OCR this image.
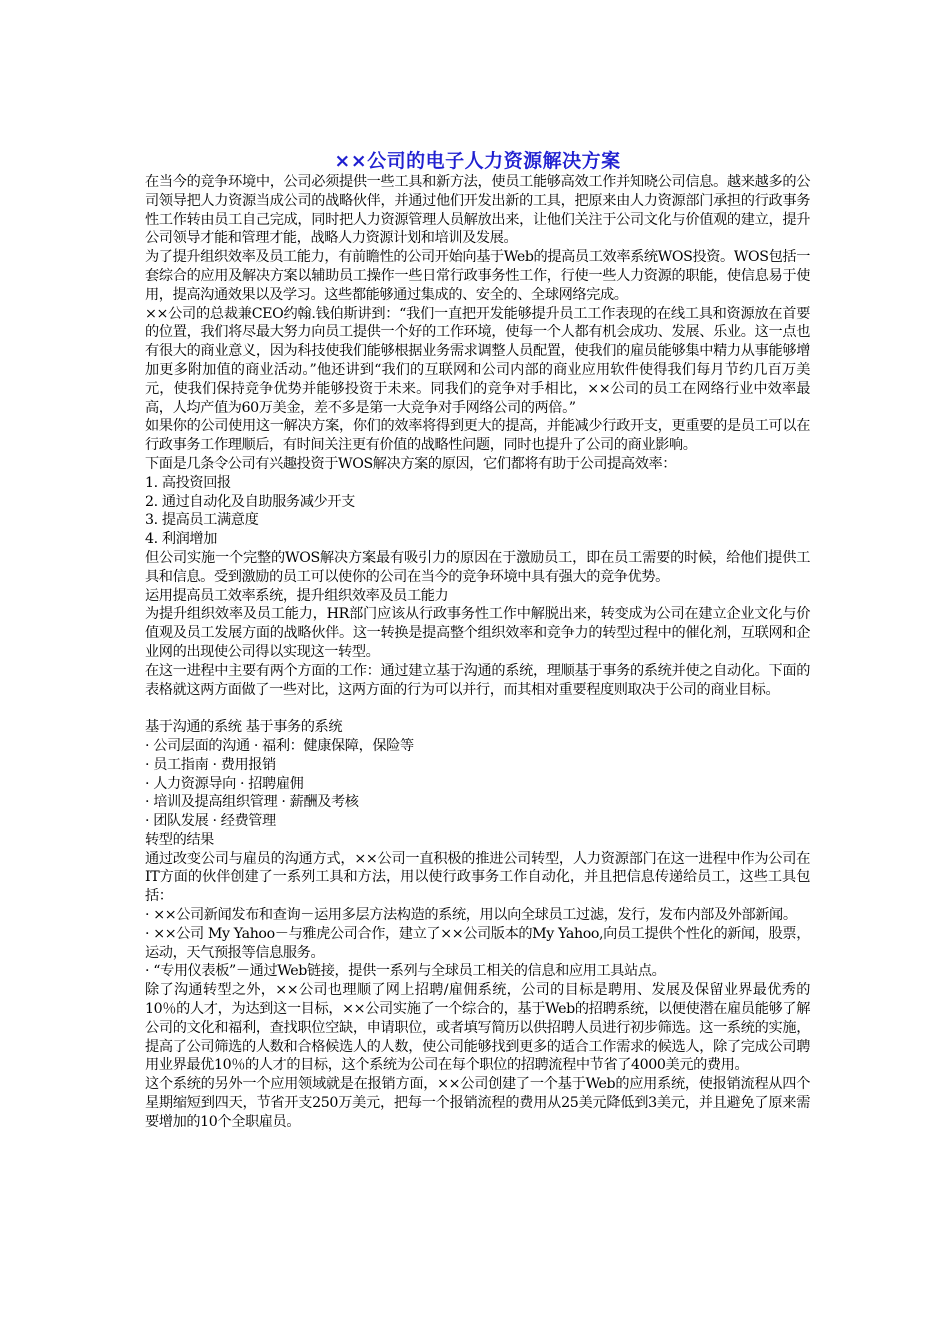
××公司的电子人力资源解决方案

在当今的竞争环境中，公司必须提供一些工具和新方法，使员工能够高效工作并知晓公司信息。越来越多的公司领导把人力资源当成公司的战略伙伴，并通过他们开发出新的工具，把原来由人力资源部门承担的行政事务性工作转由员工自己完成，同时把人力资源管理人员解放出来，让他们关注于公司文化与价值观的建立，提升公司领导才能和管理才能，战略人力资源计划和培训及发展。

为了提升组织效率及员工能力，有前瞻性的公司开始向基于Web的提高员工效率系统WOS投资。WOS包括一套综合的应用及解决方案以辅助员工操作一些日常行政事务性工作，行使一些人力资源的职能，使信息易于使用，提高沟通效果以及学习。这些都能够通过集成的、安全的、全球网络完成。

××公司的总裁兼CEO约翰.钱伯斯讲到：“我们一直把开发能够提升员工工作表现的在线工具和资源放在首要的位置，我们将尽最大努力向员工提供一个好的工作环境，使每一个人都有机会成功、发展、乐业。这一点也有很大的商业意义，因为科技使我们能够根据业务需求调整人员配置，使我们的雇员能够集中精力从事能够增加更多附加值的商业活动。”他还讲到“我们的互联网和公司内部的商业应用软件使得我们每月节约几百万美元，使我们保持竞争优势并能够投资于未来。同我们的竞争对手相比，××公司的员工在网络行业中效率最高，人均产值为60万美金，差不多是第一大竞争对手网络公司的两倍。”

如果你的公司使用这一解决方案，你们的效率将得到更大的提高，并能减少行政开支，更重要的是员工可以在行政事务工作理顺后，有时间关注更有价值的战略性问题，同时也提升了公司的商业影响。

下面是几条令公司有兴趣投资于WOS解决方案的原因，它们都将有助于公司提高效率：

1. 高投资回报

2. 通过自动化及自助服务减少开支

3. 提高员工满意度

4. 利润增加

但公司实施一个完整的WOS解决方案最有吸引力的原因在于激励员工，即在员工需要的时候，给他们提供工具和信息。受到激励的员工可以使你的公司在当今的竞争环境中具有强大的竞争优势。

运用提高员工效率系统，提升组织效率及员工能力

为提升组织效率及员工能力，HR部门应该从行政事务性工作中解脱出来，转变成为公司在建立企业文化与价值观及员工发展方面的战略伙伴。这一转换是提高整个组织效率和竞争力的转型过程中的催化剂，互联网和企业网的出现使公司得以实现这一转型。

在这一进程中主要有两个方面的工作：通过建立基于沟通的系统，理顺基于事务的系统并使之自动化。下面的表格就这两方面做了一些对比，这两方面的行为可以并行，而其相对重要程度则取决于公司的商业目标。

基于沟通的系统 基于事务的系统

· 公司层面的沟通 · 福利：健康保障，保险等

· 员工指南 · 费用报销

· 人力资源导向 · 招聘雇佣

· 培训及提高组织管理 · 薪酬及考核

· 团队发展 · 经费管理

转型的结果

通过改变公司与雇员的沟通方式，××公司一直积极的推进公司转型，人力资源部门在这一进程中作为公司在IT方面的伙伴创建了一系列工具和方法，用以使行政事务工作自动化，并且把信息传递给员工，这些工具包括：

· ××公司新闻发布和查询－运用多层方法构造的系统，用以向全球员工过滤，发行，发布内部及外部新闻。

· ××公司 My Yahoo－与雅虎公司合作，建立了××公司版本的My Yahoo,向员工提供个性化的新闻，股票，运动，天气预报等信息服务。

· “专用仪表板”－通过Web链接，提供一系列与全球员工相关的信息和应用工具站点。

除了沟通转型之外，××公司也理顺了网上招聘/雇佣系统，公司的目标是聘用、发展及保留业界最优秀的10％的人才，为达到这一目标，××公司实施了一个综合的，基于Web的招聘系统，以便使潜在雇员能够了解公司的文化和福利，查找职位空缺，申请职位，或者填写简历以供招聘人员进行初步筛选。这一系统的实施，提高了公司筛选的人数和合格候选人的人数，使公司能够找到更多的适合工作需求的候选人，除了完成公司聘用业界最优10％的人才的目标，这个系统为公司在每个职位的招聘流程中节省了4000美元的费用。

这个系统的另外一个应用领域就是在报销方面，××公司创建了一个基于Web的应用系统，使报销流程从四个星期缩短到四天，节省开支250万美元，把每一个报销流程的费用从25美元降低到3美元，并且避免了原来需要增加的10个全职雇员。
